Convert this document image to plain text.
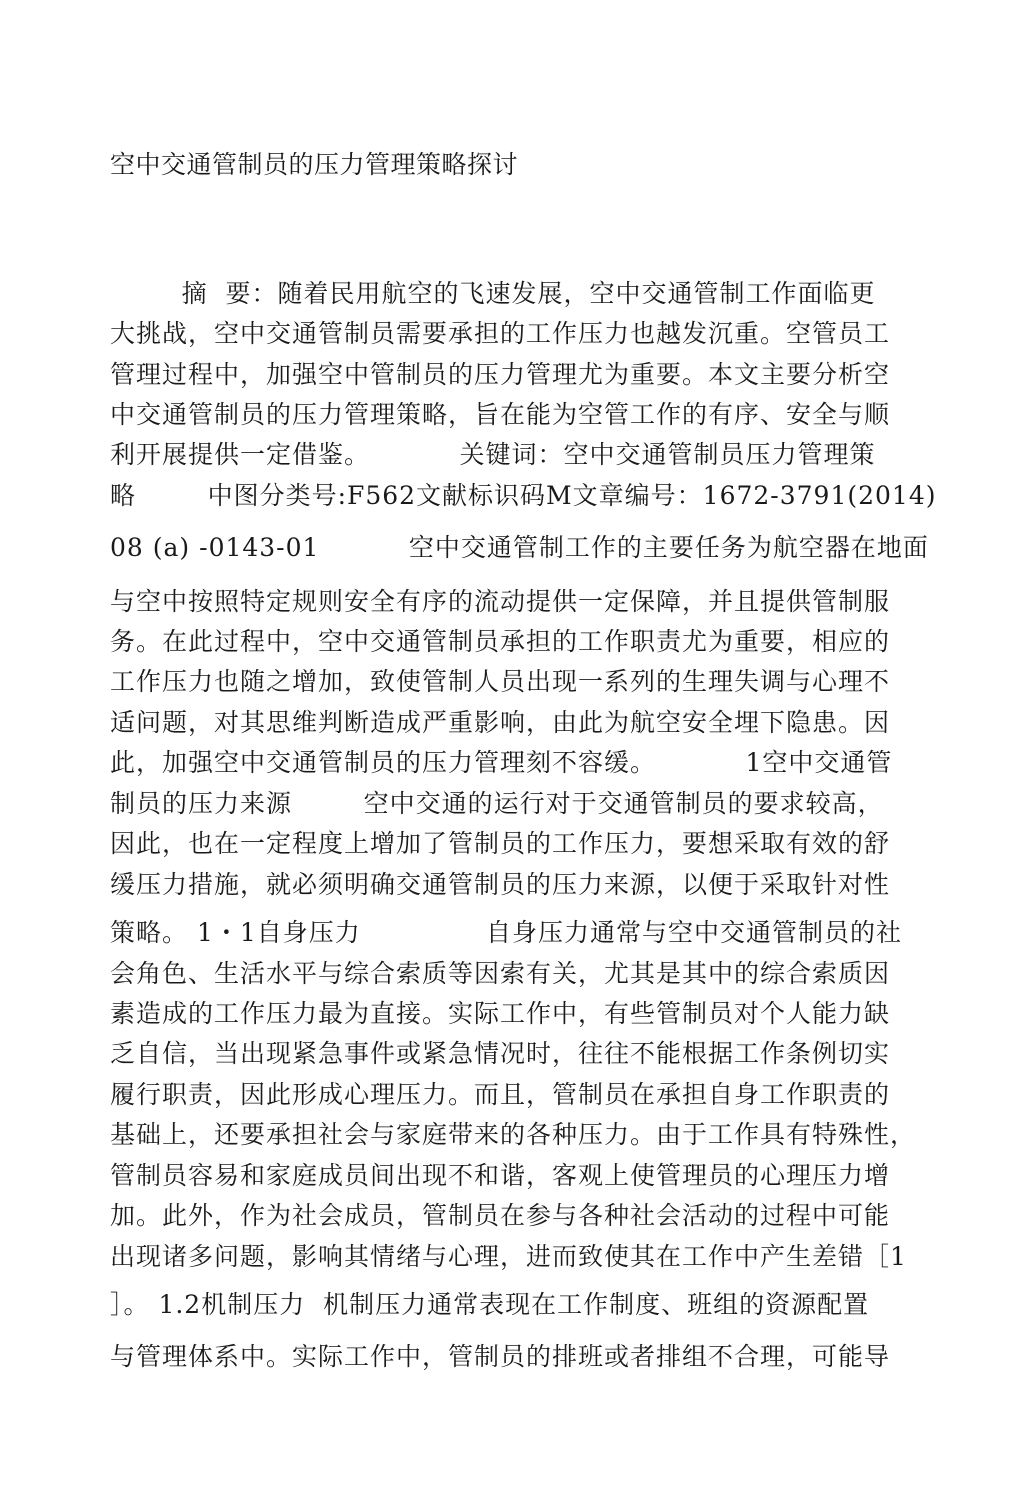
空中交通管制员的压力管理策略探讨
摘  要：随着民用航空的飞速发展，空中交通管制工作面临更
大挑战，空中交通管制员需要承担的工作压力也越发沉重。空管员工
管理过程中，加强空中管制员的压力管理尤为重要。本文主要分析空
中交通管制员的压力管理策略，旨在能为空管工作的有序、安全与顺
利开展提供一定借鉴。          关键词：空中交通管制员压力管理策
略        中图分类号:F562文献标识码M文章编号：1672-3791(2014)
08 (a) -0143-01          空中交通管制工作的主要任务为航空器在地面
与空中按照特定规则安全有序的流动提供一定保障，并且提供管制服
务。在此过程中，空中交通管制员承担的工作职责尤为重要，相应的
工作压力也随之增加，致使管制人员出现一系列的生理失调与心理不
适问题，对其思维判断造成严重影响，由此为航空安全埋下隐患。因
此，加强空中交通管制员的压力管理刻不容缓。          1空中交通管
制员的压力来源        空中交通的运行对于交通管制员的要求较高，
因此，也在一定程度上增加了管制员的工作压力，要想采取有效的舒
缓压力措施，就必须明确交通管制员的压力来源，以便于采取针对性
策略。 1・1自身压力              自身压力通常与空中交通管制员的社
会角色、生活水平与综合索质等因索有关，尤其是其中的综合索质因
素造成的工作压力最为直接。实际工作中，有些管制员对个人能力缺
乏自信，当出现紧急事件或紧急情况时，往往不能根据工作条例切实
履行职责，因此形成心理压力。而且，管制员在承担自身工作职责的
基础上，还要承担社会与家庭带来的各种压力。由于工作具有特殊性，
管制员容易和家庭成员间出现不和谐，客观上使管理员的心理压力增
加。此外，作为社会成员，管制员在参与各种社会活动的过程中可能
出现诸多问题，影响其情绪与心理，进而致使其在工作中产生差错［1
］。 1.2机制压力  机制压力通常表现在工作制度、班组的资源配置
与管理体系中。实际工作中，管制员的排班或者排组不合理，可能导
